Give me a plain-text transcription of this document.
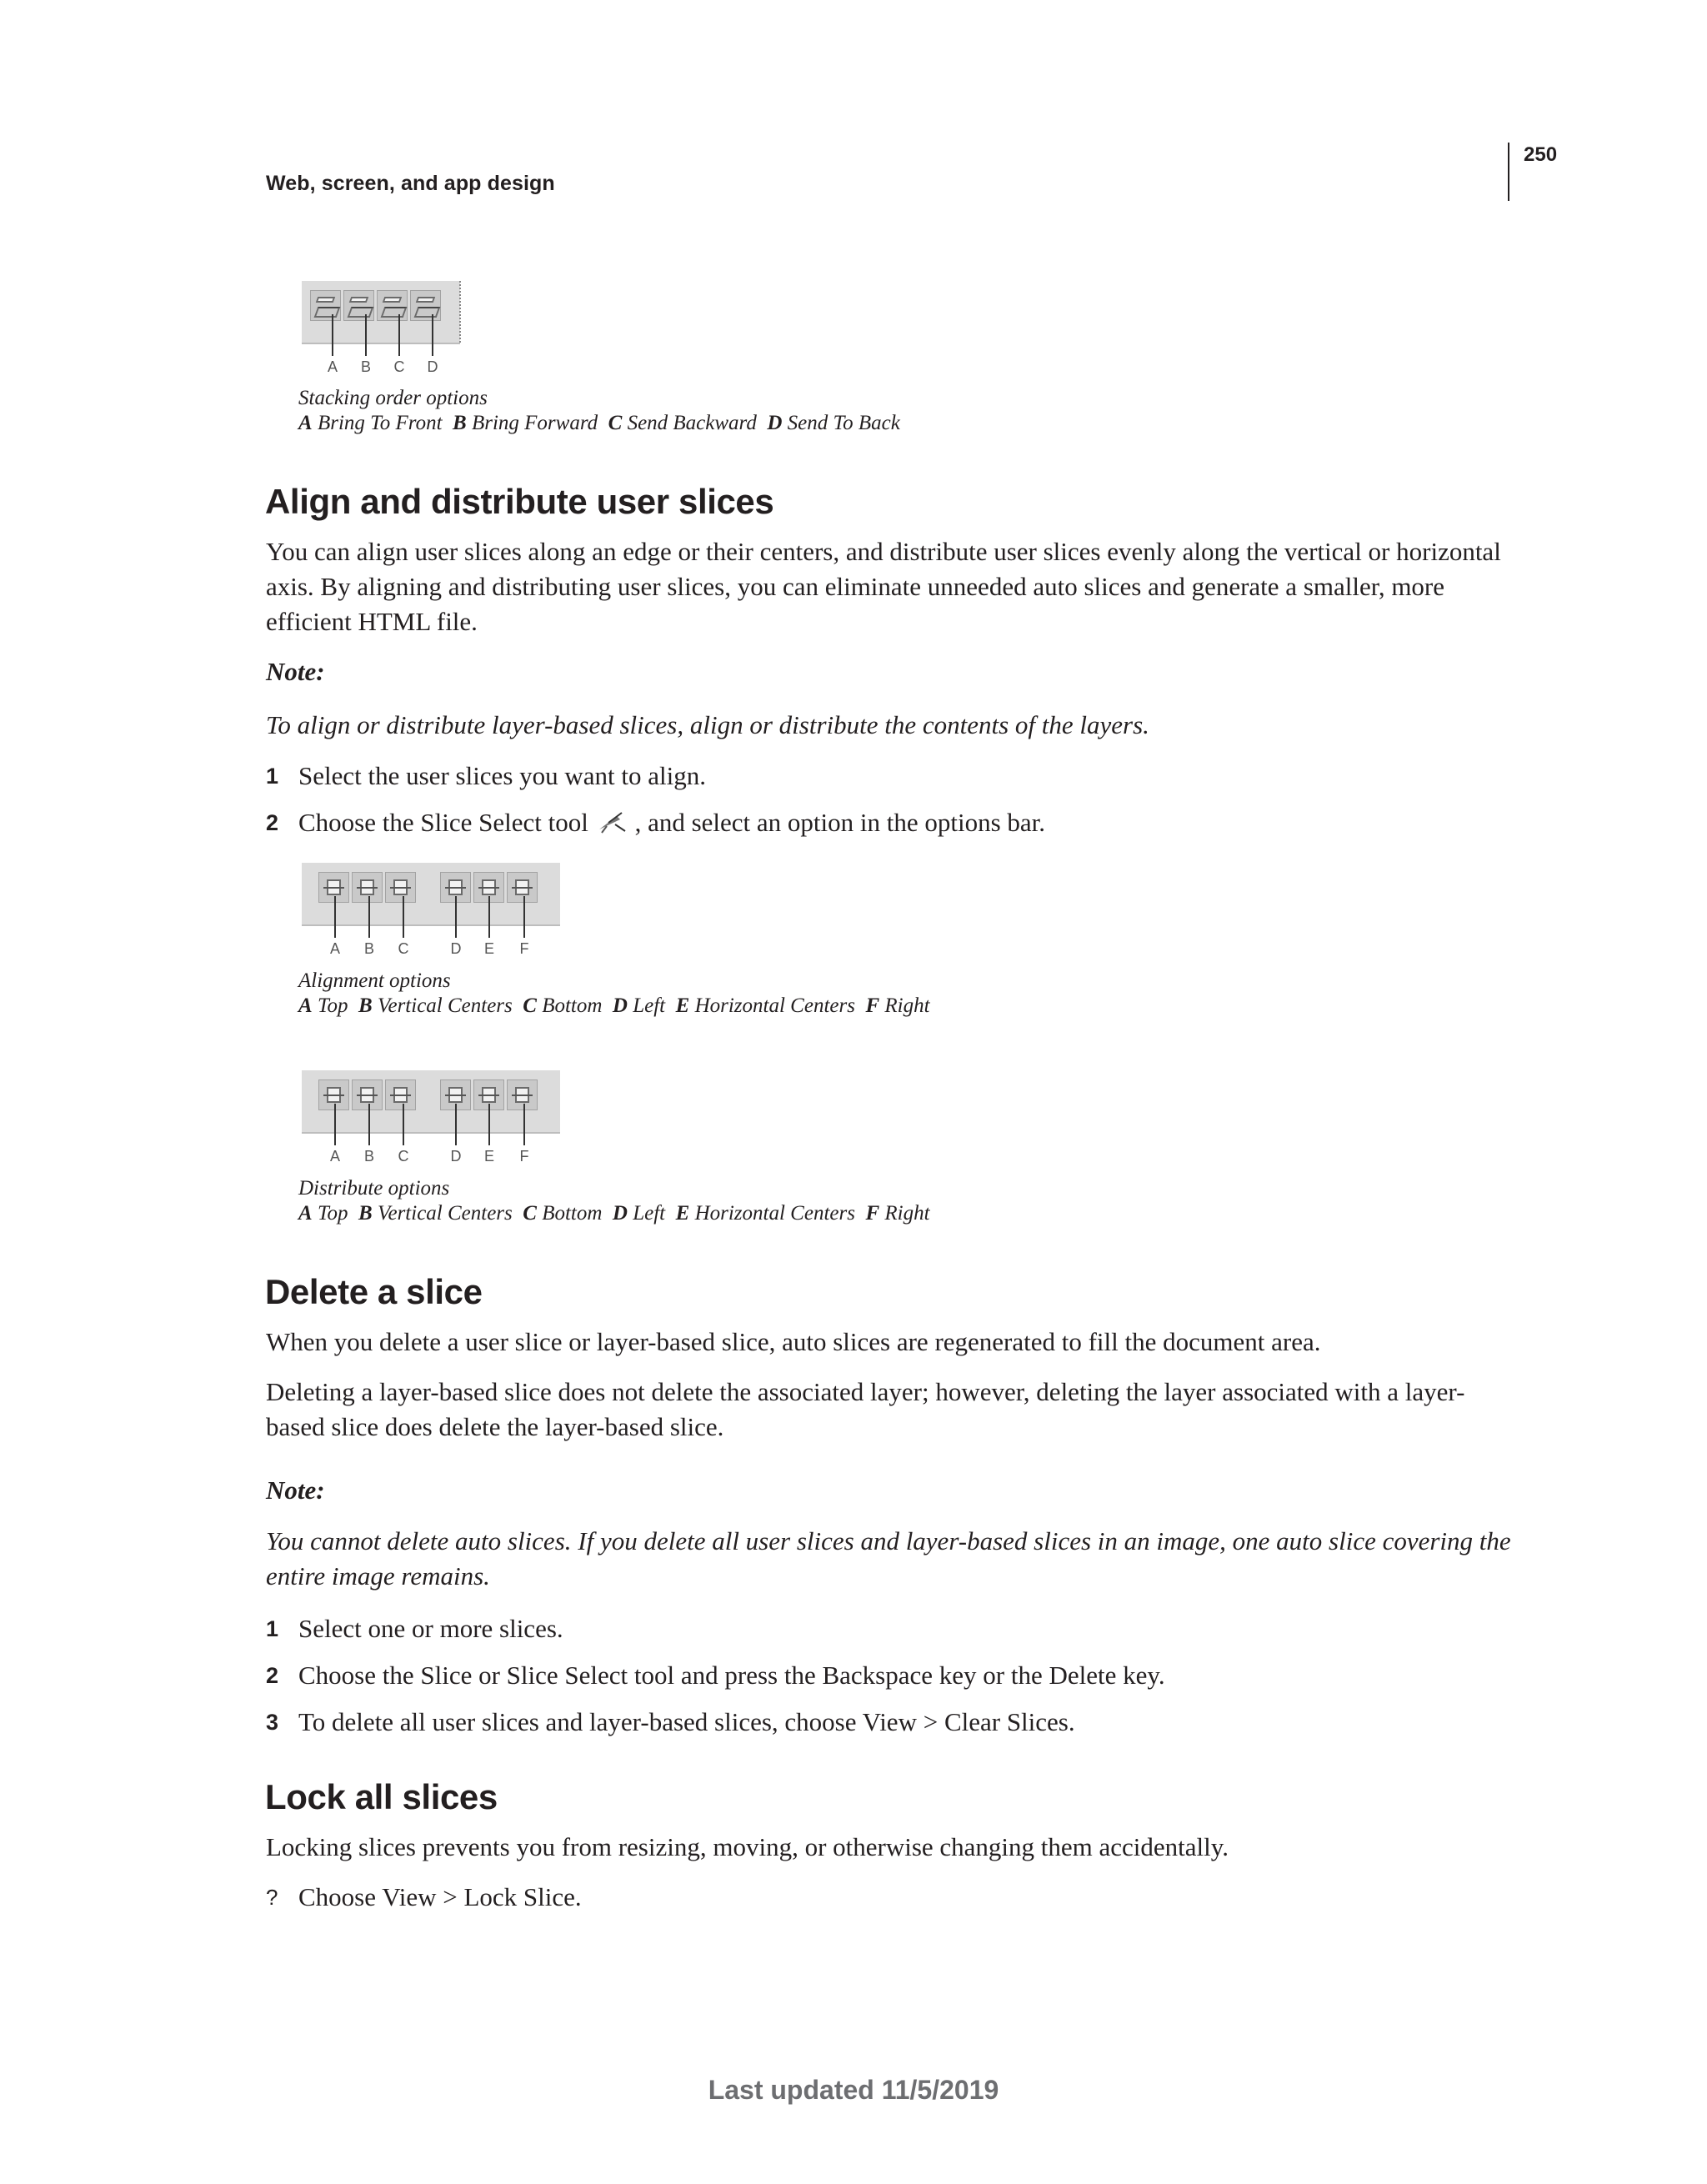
Web, screen, and app design
250
A B C D
Stacking order options
A Bring To Front B Bring Forward C Send Backward D Send To Back
Align and distribute user slices
You can align user slices along an edge or their centers, and distribute user slices evenly along the vertical or horizontal axis. By aligning and distributing user slices, you can eliminate unneeded auto slices and generate a smaller, more efficient HTML file.
Note:
To align or distribute layer-based slices, align or distribute the contents of the layers.
1 Select the user slices you want to align.
2 Choose the Slice Select tool , and select an option in the options bar.
A B C	D E F
Alignment options
A Top B Vertical Centers C Bottom D Left E Horizontal Centers F Right
A B C	D E F
Distribute options
A Top B Vertical Centers C Bottom D Left E Horizontal Centers F Right
Delete a slice
When you delete a user slice or layer-based slice, auto slices are regenerated to fill the document area.
Deleting a layer-based slice does not delete the associated layer; however, deleting the layer associated with a layer-based slice does delete the layer-based slice.
Note:
You cannot delete auto slices. If you delete all user slices and layer-based slices in an image, one auto slice covering the entire image remains.
1 Select one or more slices.
2 Choose the Slice or Slice Select tool and press the Backspace key or the Delete key.
3 To delete all user slices and layer-based slices, choose View > Clear Slices.
Lock all slices
Locking slices prevents you from resizing, moving, or otherwise changing them accidentally.
? Choose View > Lock Slice.
Last updated 11/5/2019
